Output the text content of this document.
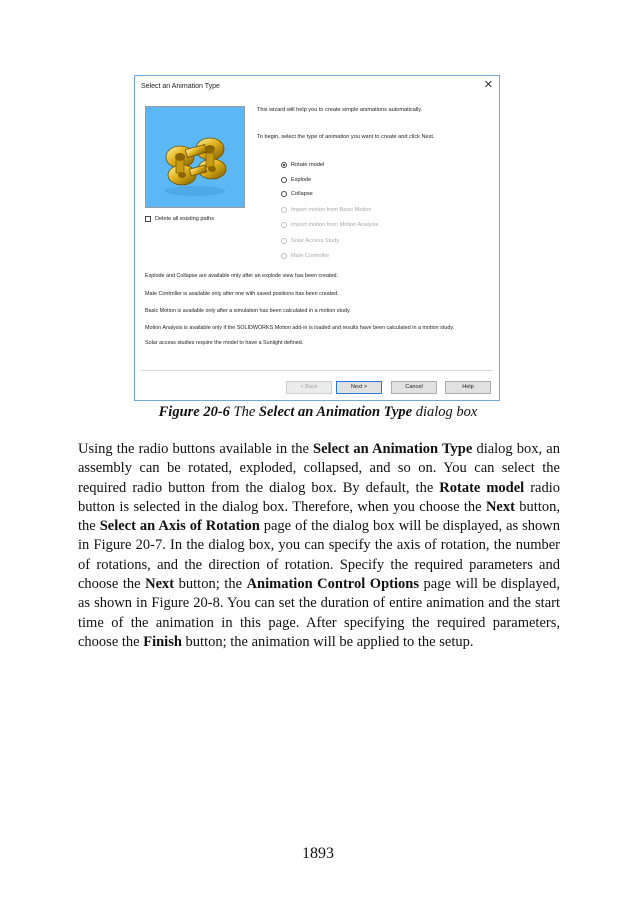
Select an Animation Type	✕
This wizard will help you to create simple animations automatically.
To begin, select the type of animation you want to create and click Next.
Rotate model
Explode
Collapse
Import motion from Basic Motion
Import motion from Motion Analysis
Solar Access Study
Mate Controller
Delete all existing paths
Explode and Collapse are available only after an explode view has been created.
Mate Controller is available only after one with saved positions has been created.
Basic Motion is available only after a simulation has been calculated in a motion study.
Motion Analysis is available only if the SOLIDWORKS Motion add-in is loaded and results have been calculated in a motion study.
Solar access studies require the model to have a Sunlight defined.
< Back	Next >	Cancel	Help
Figure 20-6 The Select an Animation Type dialog box
Using the radio buttons available in the Select an Animation Type dialog box, an assembly can be rotated, exploded, collapsed, and so on. You can select the required radio button from the dialog box. By default, the Rotate model radio button is selected in the dialog box. Therefore, when you choose the Next button, the Select an Axis of Rotation page of the dialog box will be displayed, as shown in Figure 20-7. In the dialog box, you can specify the axis of rotation, the number of rotations, and the direction of rotation. Specify the required parameters and choose the Next button; the Animation Control Options page will be displayed, as shown in Figure 20-8. You can set the duration of entire animation and the start time of the animation in this page. After specifying the required parameters, choose the Finish button; the animation will be applied to the setup.
1893
